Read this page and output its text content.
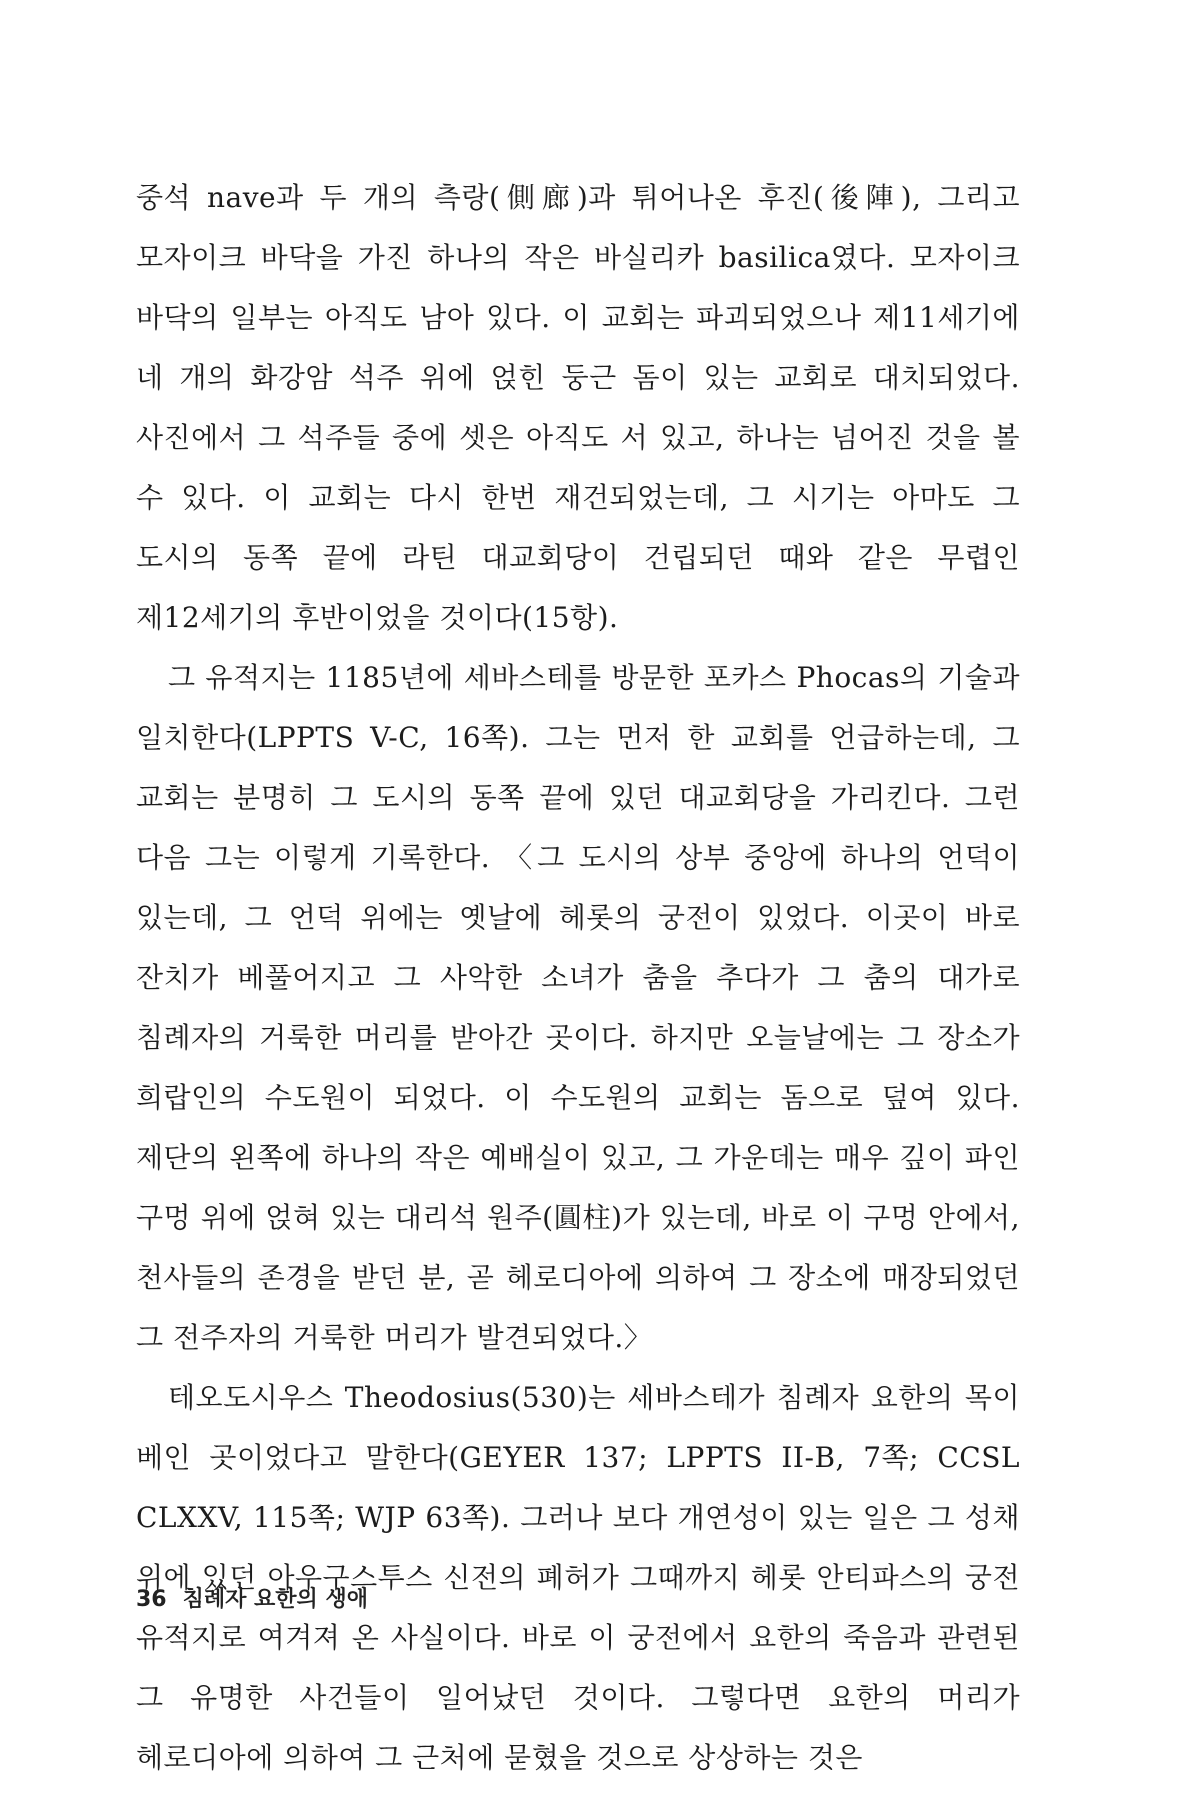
중석 nave과 두 개의 측랑(側廊)과 튀어나온 후진(後陣), 그리고 모자이크 바닥을 가진 하나의 작은 바실리카 basilica였다. 모자이크 바닥의 일부는 아직도 남아 있다. 이 교회는 파괴되었으나 제11세기에 네 개의 화강암 석주 위에 얹힌 둥근 돔이 있는 교회로 대치되었다. 사진에서 그 석주들 중에 셋은 아직도 서 있고, 하나는 넘어진 것을 볼 수 있다. 이 교회는 다시 한번 재건되었는데, 그 시기는 아마도 그 도시의 동쪽 끝에 라틴 대교회당이 건립되던 때와 같은 무렵인 제12세기의 후반이었을 것이다(15항).

그 유적지는 1185년에 세바스테를 방문한 포카스 Phocas의 기술과 일치한다(LPPTS V-C, 16쪽). 그는 먼저 한 교회를 언급하는데, 그 교회는 분명히 그 도시의 동쪽 끝에 있던 대교회당을 가리킨다. 그런 다음 그는 이렇게 기록한다. 〈그 도시의 상부 중앙에 하나의 언덕이 있는데, 그 언덕 위에는 옛날에 헤롯의 궁전이 있었다. 이곳이 바로 잔치가 베풀어지고 그 사악한 소녀가 춤을 추다가 그 춤의 대가로 침례자의 거룩한 머리를 받아간 곳이다. 하지만 오늘날에는 그 장소가 희랍인의 수도원이 되었다. 이 수도원의 교회는 돔으로 덮여 있다. 제단의 왼쪽에 하나의 작은 예배실이 있고, 그 가운데는 매우 깊이 파인 구멍 위에 얹혀 있는 대리석 원주(圓柱)가 있는데, 바로 이 구멍 안에서, 천사들의 존경을 받던 분, 곧 헤로디아에 의하여 그 장소에 매장되었던 그 전주자의 거룩한 머리가 발견되었다.〉

테오도시우스 Theodosius(530)는 세바스테가 침례자 요한의 목이 베인 곳이었다고 말한다(GEYER 137; LPPTS II-B, 7쪽; CCSL CLXXV, 115쪽; WJP 63쪽). 그러나 보다 개연성이 있는 일은 그 성채 위에 있던 아우구스투스 신전의 폐허가 그때까지 헤롯 안티파스의 궁전 유적지로 여겨져 온 사실이다. 바로 이 궁전에서 요한의 죽음과 관련된 그 유명한 사건들이 일어났던 것이다. 그렇다면 요한의 머리가 헤로디아에 의하여 그 근처에 묻혔을 것으로 상상하는 것은

36 침례자 요한의 생애
